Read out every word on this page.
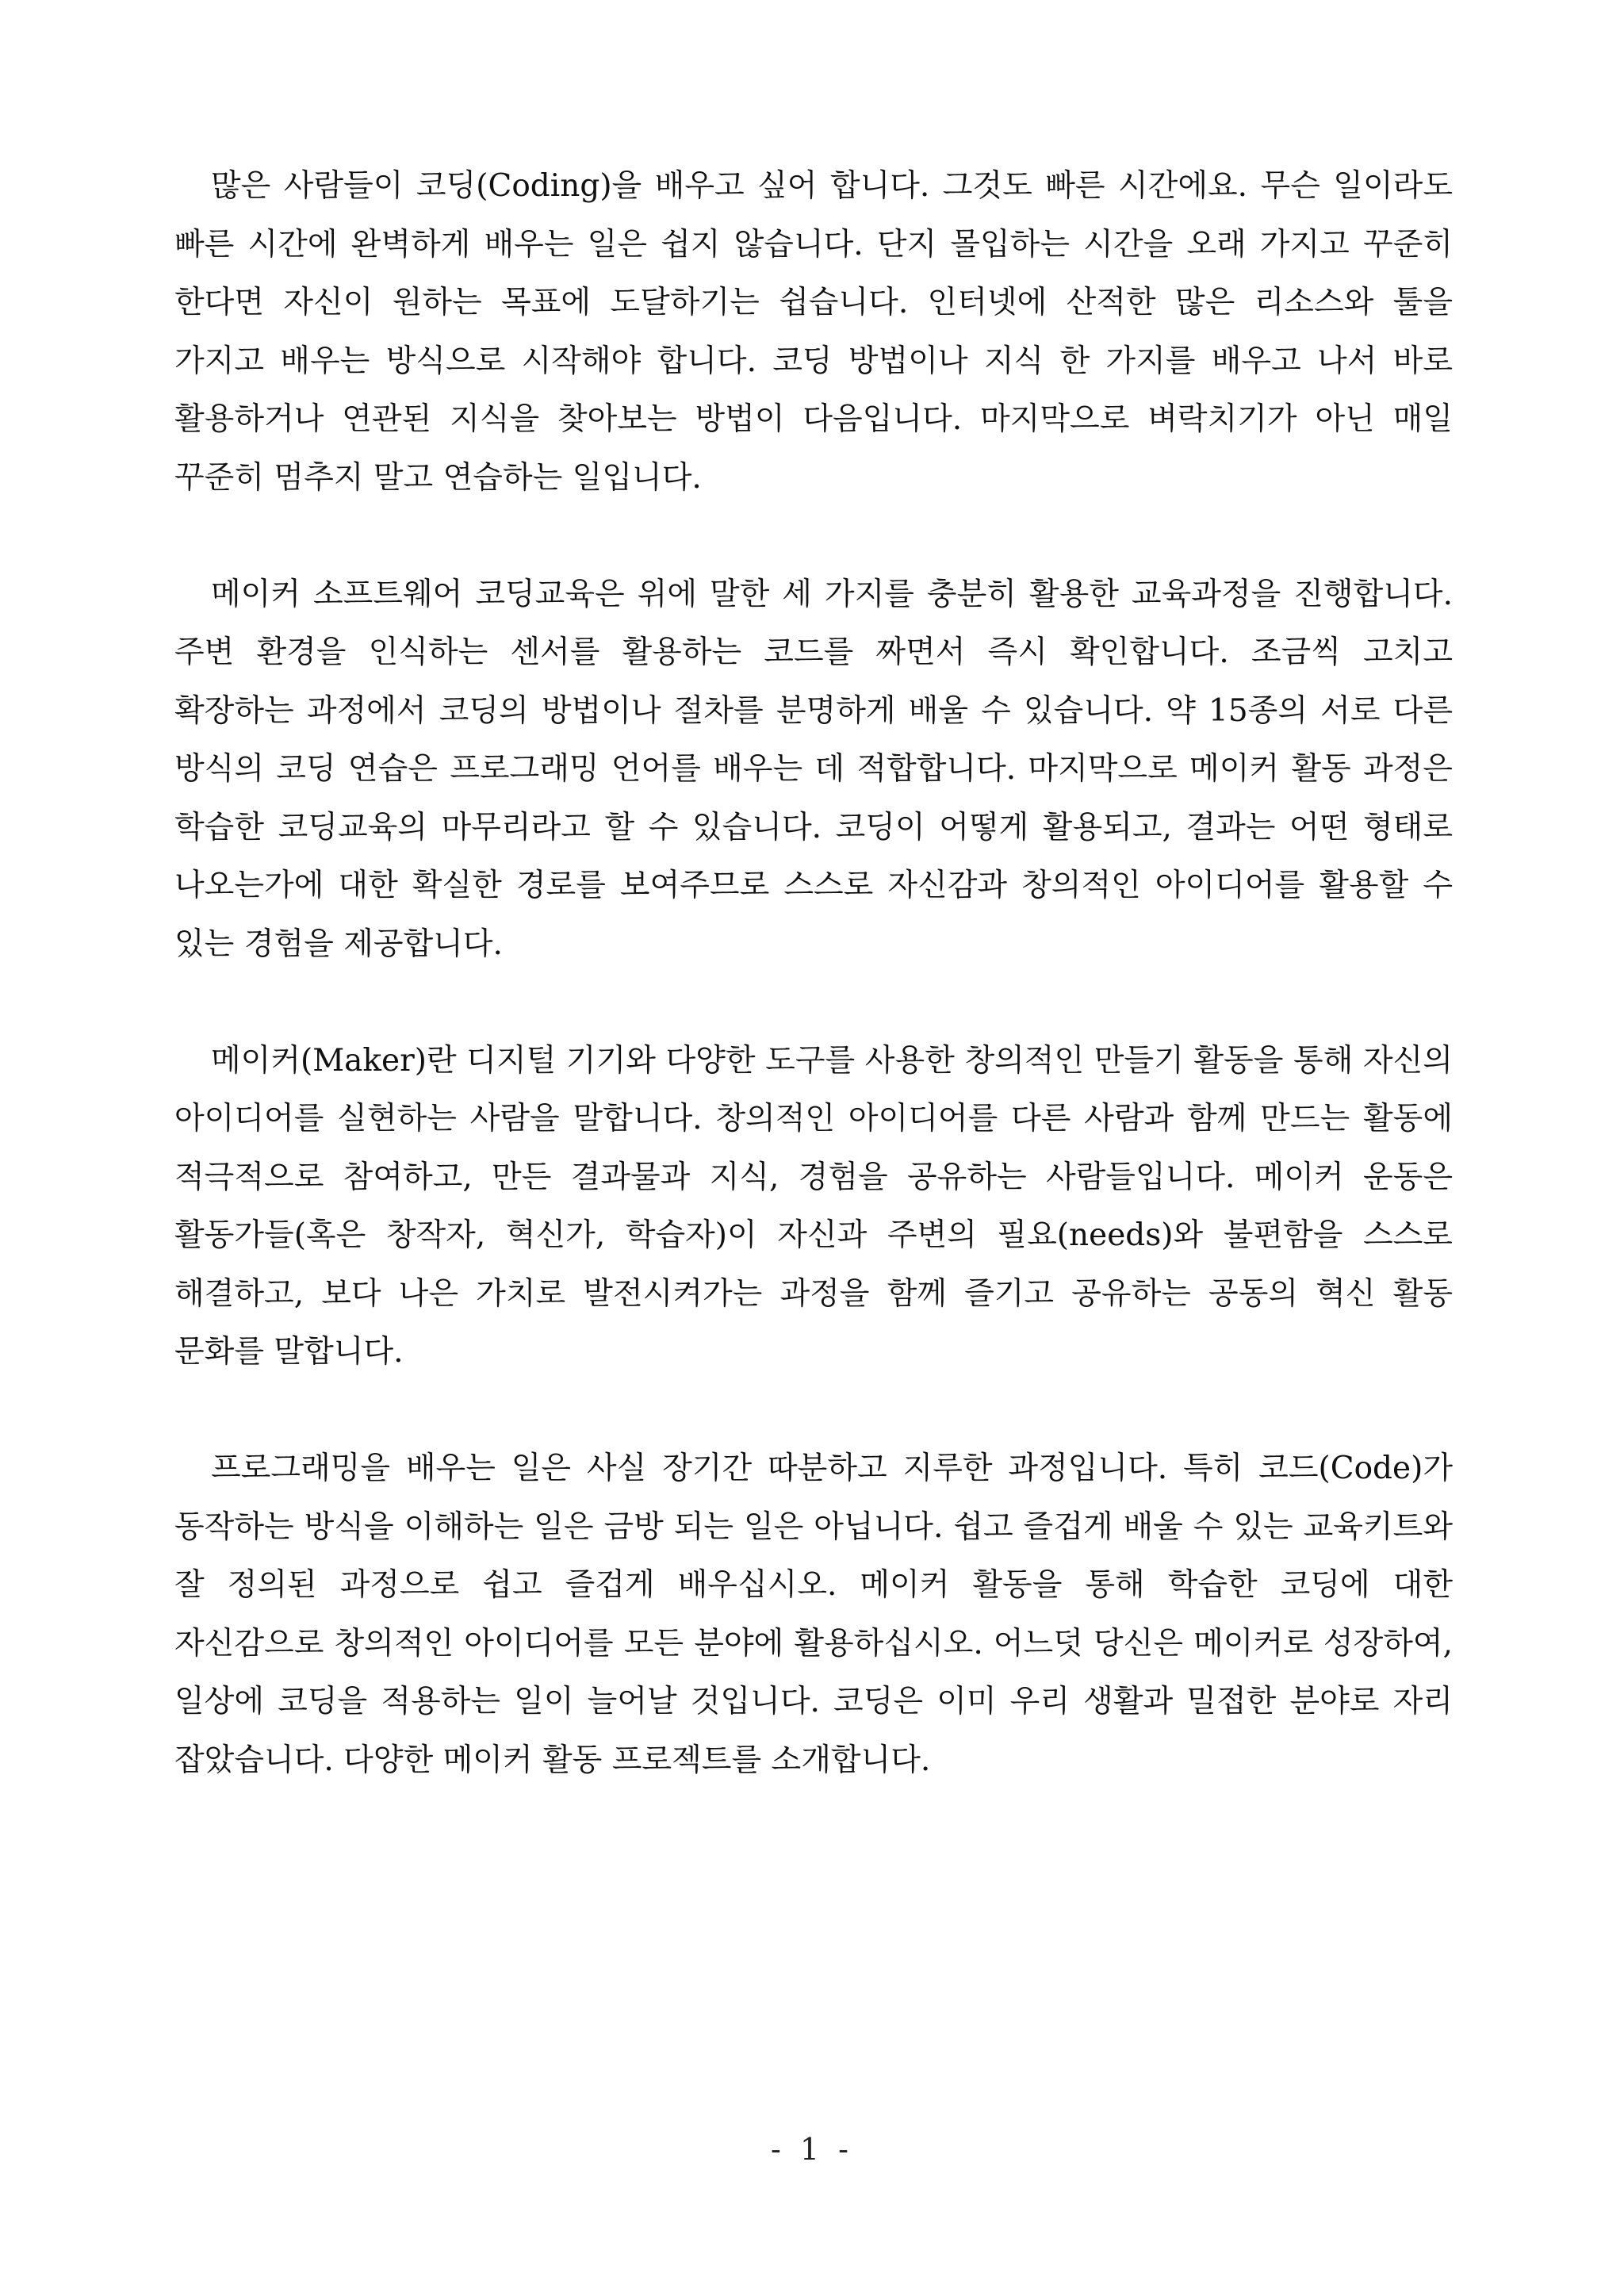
많은 사람들이 코딩(Coding)을 배우고 싶어 합니다. 그것도 빠른 시간에요. 무슨 일이라도 빠른 시간에 완벽하게 배우는 일은 쉽지 않습니다. 단지 몰입하는 시간을 오래 가지고 꾸준히 한다면 자신이 원하는 목표에 도달하기는 쉽습니다. 인터넷에 산적한 많은 리소스와 툴을 가지고 배우는 방식으로 시작해야 합니다. 코딩 방법이나 지식 한 가지를 배우고 나서 바로 활용하거나 연관된 지식을 찾아보는 방법이 다음입니다. 마지막으로 벼락치기가 아닌 매일 꾸준히 멈추지 말고 연습하는 일입니다.

메이커 소프트웨어 코딩교육은 위에 말한 세 가지를 충분히 활용한 교육과정을 진행합니다. 주변 환경을 인식하는 센서를 활용하는 코드를 짜면서 즉시 확인합니다. 조금씩 고치고 확장하는 과정에서 코딩의 방법이나 절차를 분명하게 배울 수 있습니다. 약 15종의 서로 다른 방식의 코딩 연습은 프로그래밍 언어를 배우는 데 적합합니다. 마지막으로 메이커 활동 과정은 학습한 코딩교육의 마무리라고 할 수 있습니다. 코딩이 어떻게 활용되고, 결과는 어떤 형태로 나오는가에 대한 확실한 경로를 보여주므로 스스로 자신감과 창의적인 아이디어를 활용할 수 있는 경험을 제공합니다.

메이커(Maker)란 디지털 기기와 다양한 도구를 사용한 창의적인 만들기 활동을 통해 자신의 아이디어를 실현하는 사람을 말합니다. 창의적인 아이디어를 다른 사람과 함께 만드는 활동에 적극적으로 참여하고, 만든 결과물과 지식, 경험을 공유하는 사람들입니다. 메이커 운동은 활동가들(혹은 창작자, 혁신가, 학습자)이 자신과 주변의 필요(needs)와 불편함을 스스로 해결하고, 보다 나은 가치로 발전시켜가는 과정을 함께 즐기고 공유하는 공동의 혁신 활동 문화를 말합니다.

프로그래밍을 배우는 일은 사실 장기간 따분하고 지루한 과정입니다. 특히 코드(Code)가 동작하는 방식을 이해하는 일은 금방 되는 일은 아닙니다. 쉽고 즐겁게 배울 수 있는 교육키트와 잘 정의된 과정으로 쉽고 즐겁게 배우십시오. 메이커 활동을 통해 학습한 코딩에 대한 자신감으로 창의적인 아이디어를 모든 분야에 활용하십시오. 어느덧 당신은 메이커로 성장하여, 일상에 코딩을 적용하는 일이 늘어날 것입니다. 코딩은 이미 우리 생활과 밀접한 분야로 자리 잡았습니다. 다양한 메이커 활동 프로젝트를 소개합니다.

- 1 -
